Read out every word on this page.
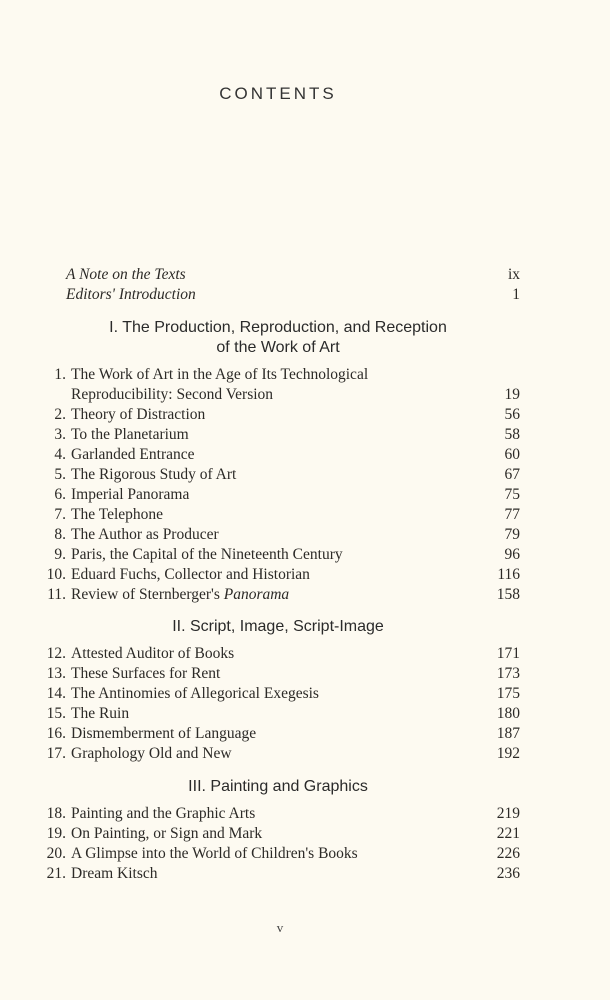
CONTENTS
A Note on the Texts	ix
Editors' Introduction	1
I. The Production, Reproduction, and Reception
of the Work of Art
1. The Work of Art in the Age of Its Technological
Reproducibility: Second Version	19
2. Theory of Distraction	56
3. To the Planetarium	58
4. Garlanded Entrance	60
5. The Rigorous Study of Art	67
6. Imperial Panorama	75
7. The Telephone	77
8. The Author as Producer	79
9. Paris, the Capital of the Nineteenth Century	96
10. Eduard Fuchs, Collector and Historian	116
11. Review of Sternberger's Panorama	158
II. Script, Image, Script-Image
12. Attested Auditor of Books	171
13. These Surfaces for Rent	173
14. The Antinomies of Allegorical Exegesis	175
15. The Ruin	180
16. Dismemberment of Language	187
17. Graphology Old and New	192
III. Painting and Graphics
18. Painting and the Graphic Arts	219
19. On Painting, or Sign and Mark	221
20. A Glimpse into the World of Children's Books	226
21. Dream Kitsch	236
v
